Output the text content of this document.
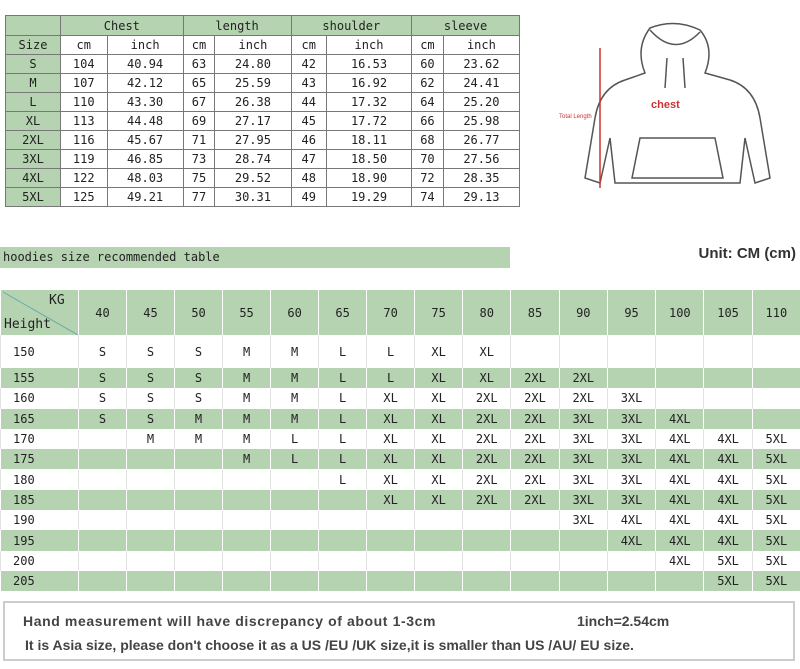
	Chest		length		shoulder		sleeve	
Size	cm	inch	cm	inch	cm	inch	cm	inch
S	104	40.94	63	24.80	42	16.53	60	23.62
M	107	42.12	65	25.59	43	16.92	62	24.41
L	110	43.30	67	26.38	44	17.32	64	25.20
XL	113	44.48	69	27.17	45	17.72	66	25.98
2XL	116	45.67	71	27.95	46	18.11	68	26.77
3XL	119	46.85	73	28.74	47	18.50	70	27.56
4XL	122	48.03	75	29.52	48	18.90	72	28.35
5XL	125	49.21	77	30.31	49	19.29	74	29.13
chest
Total Length
hoodies size recommended table	Unit: CM (cm)
KG
Height	40	45	50	55	60	65	70	75	80	85	90	95	100	105	110
150	S	S	S	M	M	L	L	XL	XL						
155	S	S	S	M	M	L	L	XL	XL	2XL	2XL				
160	S	S	S	M	M	L	XL	XL	2XL	2XL	2XL	3XL			
165	S	S	M	M	M	L	XL	XL	2XL	2XL	3XL	3XL	4XL		
170		M	M	M	L	L	XL	XL	2XL	2XL	3XL	3XL	4XL	4XL	5XL
175				M	L	L	XL	XL	2XL	2XL	3XL	3XL	4XL	4XL	5XL
180						L	XL	XL	2XL	2XL	3XL	3XL	4XL	4XL	5XL
185							XL	XL	2XL	2XL	3XL	3XL	4XL	4XL	5XL
190											3XL	4XL	4XL	4XL	5XL
195												4XL	4XL	4XL	5XL
200													4XL	5XL	5XL
205														5XL	5XL
Hand measurement will have discrepancy of about 1-3cm	1inch=2.54cm
It is Asia size, please don't choose it as a US /EU /UK size,it is smaller than US /AU/ EU size.
